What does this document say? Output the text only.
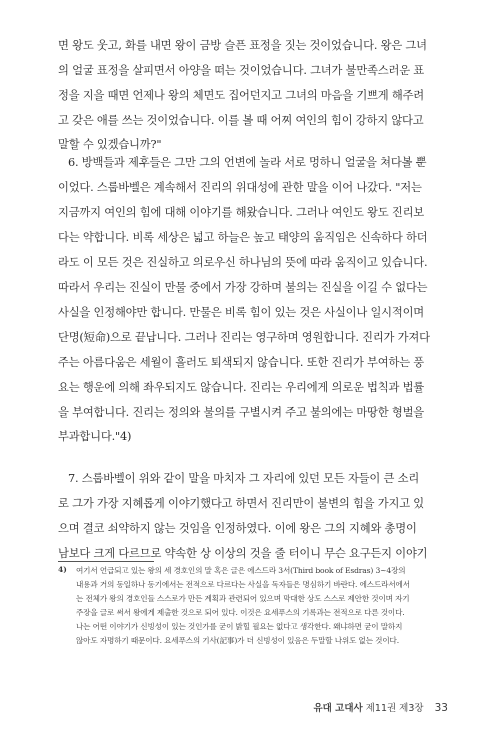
면 왕도 웃고, 화를 내면 왕이 금방 슬픈 표정을 짓는 것이었습니다. 왕은 그녀
의 얼굴 표정을 살피면서 아양을 떠는 것이었습니다. 그녀가 불만족스러운 표
정을 지을 때면 언제나 왕의 체면도 집어던지고 그녀의 마음을 기쁘게 해주려
고 갖은 애를 쓰는 것이었습니다. 이를 볼 때 어찌 여인의 힘이 강하지 않다고
말할 수 있겠습니까?"
6. 방백들과 제후들은 그만 그의 언변에 놀라 서로 멍하니 얼굴을 쳐다볼 뿐
이었다. 스룹바벨은 계속해서 진리의 위대성에 관한 말을 이어 나갔다. "저는
지금까지 여인의 힘에 대해 이야기를 해왔습니다. 그러나 여인도 왕도 진리보
다는 약합니다. 비록 세상은 넓고 하늘은 높고 태양의 움직임은 신속하다 하더
라도 이 모든 것은 진실하고 의로우신 하나님의 뜻에 따라 움직이고 있습니다.
따라서 우리는 진실이 만물 중에서 가장 강하며 불의는 진실을 이길 수 없다는
사실을 인정해야만 합니다. 만물은 비록 힘이 있는 것은 사실이나 일시적이며
단명(短命)으로 끝납니다. 그러나 진리는 영구하며 영원합니다. 진리가 가져다
주는 아름다움은 세월이 흘러도 퇴색되지 않습니다. 또한 진리가 부여하는 풍
요는 행운에 의해 좌우되지도 않습니다. 진리는 우리에게 의로운 법칙과 법률
을 부여합니다. 진리는 정의와 불의를 구별시켜 주고 불의에는 마땅한 형벌을
부과합니다."4)
7. 스룹바벨이 위와 같이 말을 마치자 그 자리에 있던 모든 자들이 큰 소리
로 그가 가장 지혜롭게 이야기했다고 하면서 진리만이 불변의 힘을 가지고 있
으며 결코 쇠약하지 않는 것임을 인정하였다. 이에 왕은 그의 지혜와 총명이
남보다 크게 다르므로 약속한 상 이상의 것을 줄 터이니 무슨 요구든지 이야기
4) 여기서 언급되고 있는 왕의 세 경호인의 말 혹은 글은 에스드라 3서(Third book of Esdras) 3~4장의
내용과 거의 동일하나 동기에서는 전적으로 다르다는 사실을 독자들은 명심하기 바란다. 에스드라서에서
는 전체가 왕의 경호인들 스스로가 만든 계획과 관련되어 있으며 막대한 상도 스스로 제안한 것이며 자기
주장을 글로 써서 왕에게 제출한 것으로 되어 있다. 이것은 요세푸스의 기록과는 전적으로 다른 것이다.
나는 어떤 이야기가 신빙성이 있는 것인가를 굳이 밝힐 필요는 없다고 생각한다. 왜냐하면 굳이 말하지
않아도 자명하기 때문이다. 요세푸스의 기사(記事)가 더 신빙성이 있음은 두말할 나위도 없는 것이다.
유대 고대사 제11권 제3장 33
